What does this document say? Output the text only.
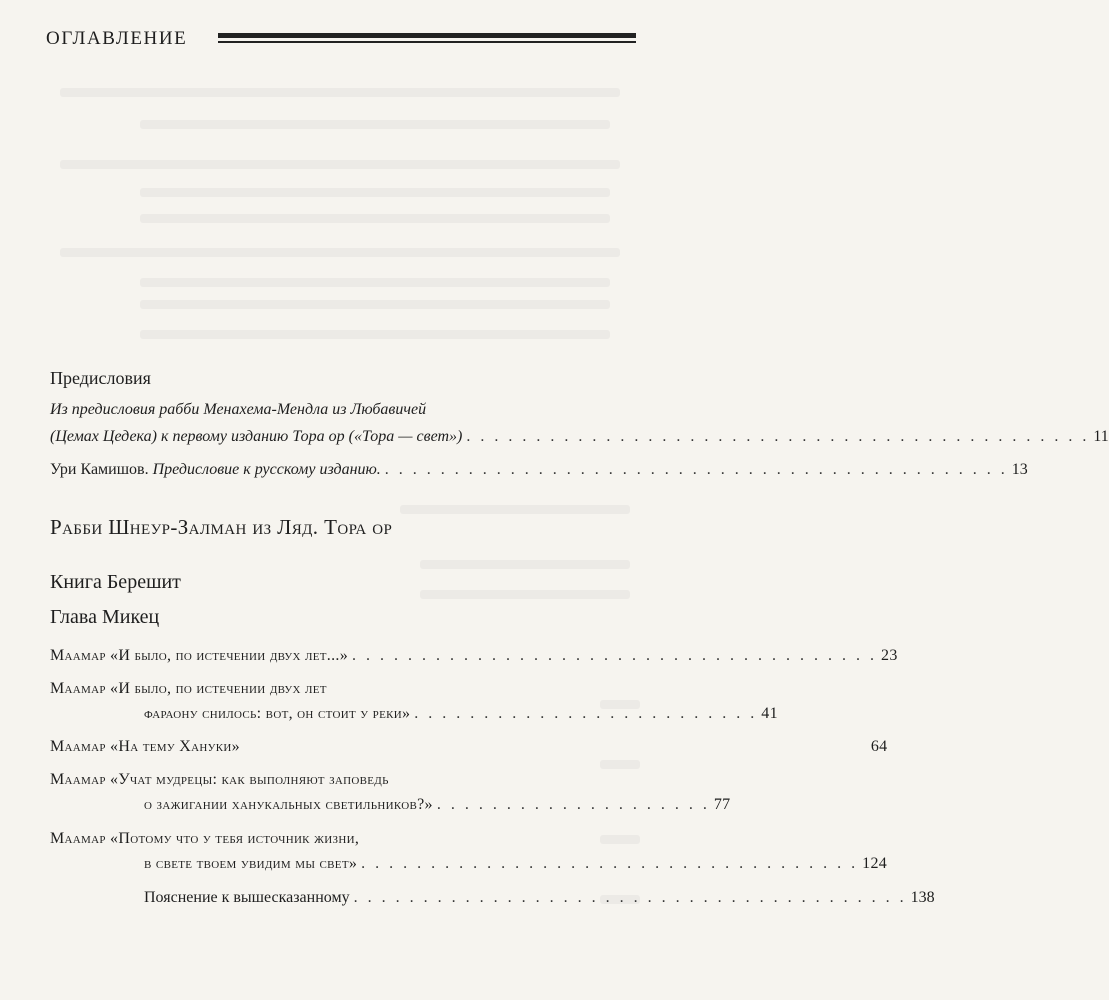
ОГЛАВЛЕНИЕ
Предисловия
Из предисловия рабби Менахема-Мендла из Любавичей
(Цемах Цедека) к первому изданию Тора ор («Тора — свет») . . . . . . . . . . . . . . . . . . . . . . . . . . . . . . . . . . . . . . . . . . . . . 11
Ури Камишов.
Предисловие к русскому изданию. . . . . . . . . . . . . . . . . . . . . . . . . . . . . . . . . . . . . . . . . . . . . . 13
Рабби Шнеур-Залман из Ляд. Тора ор
Книга Берешит
Глава Микец
Маамар «И было, по истечении двух лет...» . . . . . . . . . . . . . . . . . . . . . . . . . . . . . . . . . . . . . . 23
Маамар «И было, по истечении двух лет
фараону снилось: вот, он стоит у реки» . . . . . . . . . . . . . . . . . . . . . . . . . 41
Маамар «На тему Хануки»	64
Маамар «Учат мудрецы: как выполняют заповедь
о зажигании ханукальных светильников?» . . . . . . . . . . . . . . . . . . . . 77
Маамар «Потому что у тебя источник жизни,
в свете твоем увидим мы свет» . . . . . . . . . . . . . . . . . . . . . . . . . . . . . . . . . . . . 124
Пояснение к вышесказанному . . . . . . . . . . . . . . . . . . . . . . . . . . . . . . . . . . . . . . . . 138
